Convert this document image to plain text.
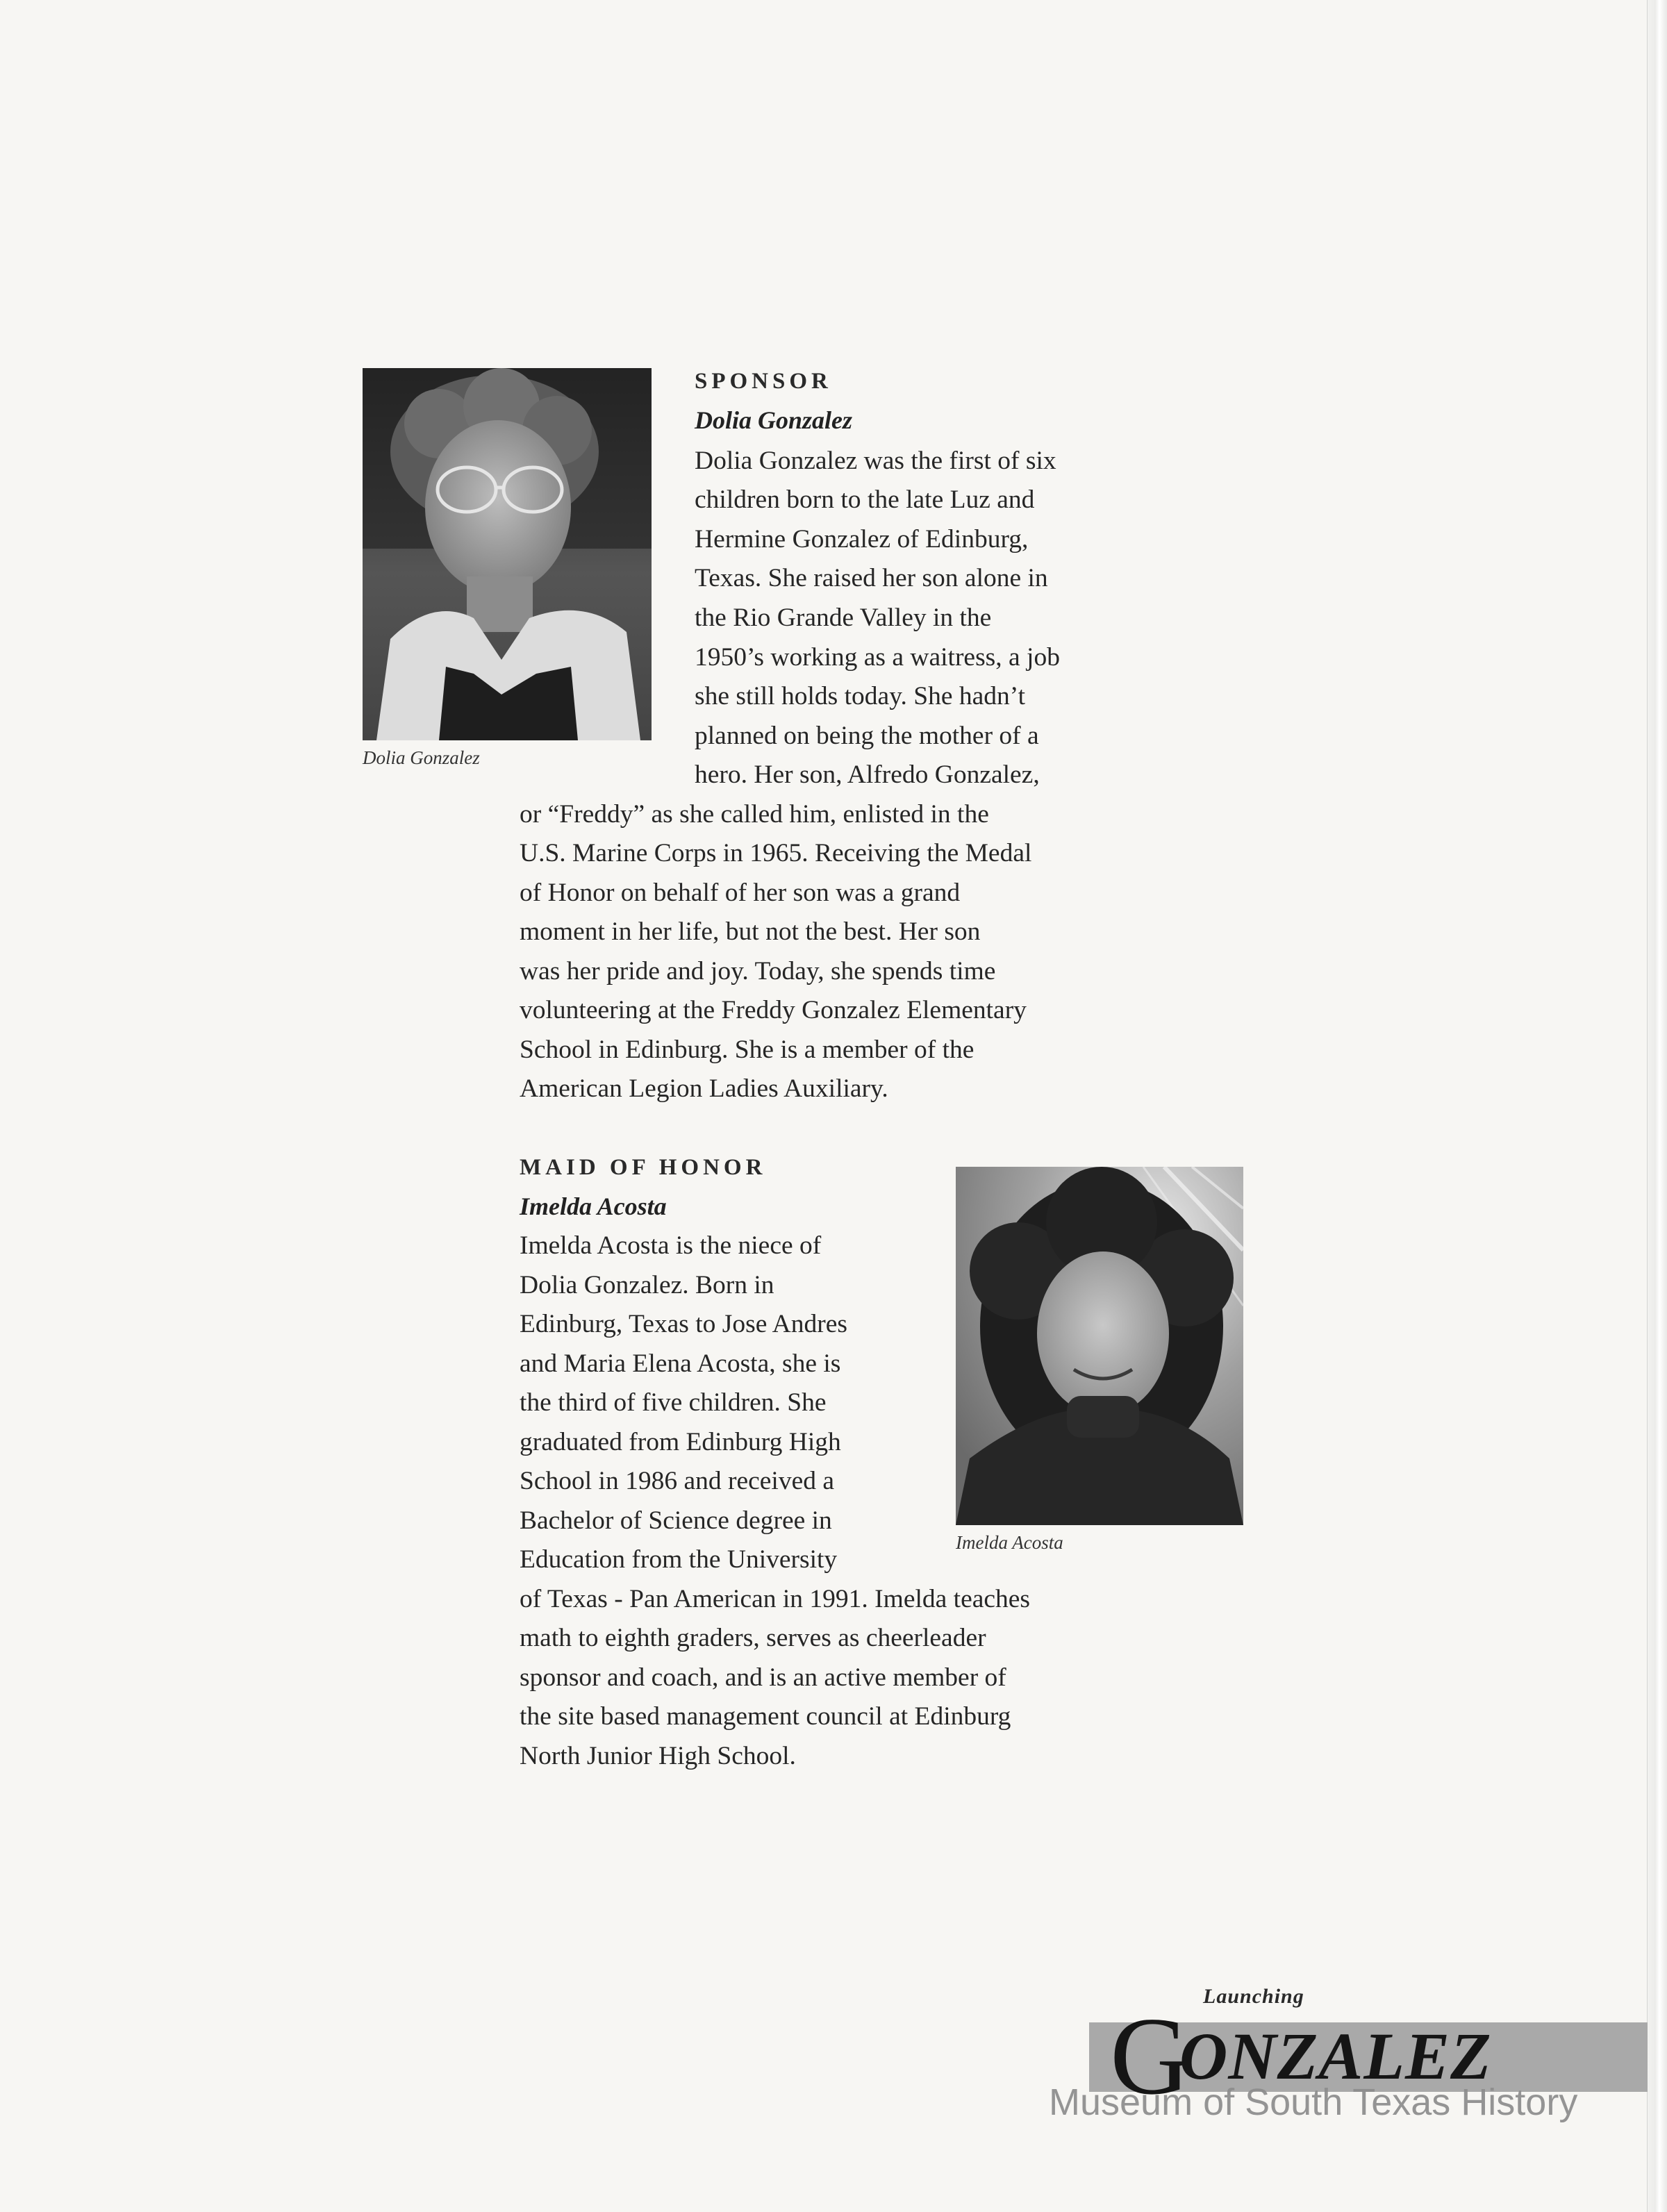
Dolia Gonzalez
SPONSOR
Dolia Gonzalez

Dolia Gonzalez was the first of six

children born to the late Luz and

Hermine Gonzalez of Edinburg,

Texas. She raised her son alone in

the Rio Grande Valley in the

1950’s working as a waitress, a job

she still holds today. She hadn’t

planned on being the mother of a

hero. Her son, Alfredo Gonzalez,

or “Freddy” as she called him, enlisted in the

U.S. Marine Corps in 1965. Receiving the Medal

of Honor on behalf of her son was a grand

moment in her life, but not the best. Her son

was her pride and joy. Today, she spends time

volunteering at the Freddy Gonzalez Elementary

School in Edinburg. She is a member of the

American Legion Ladies Auxiliary.

MAID OF HONOR
Imelda Acosta

Imelda Acosta is the niece of

Dolia Gonzalez. Born in

Edinburg, Texas to Jose Andres

and Maria Elena Acosta, she is

the third of five children. She

graduated from Edinburg High

School in 1986 and received a

Bachelor of Science degree in

Education from the University

of Texas - Pan American in 1991. Imelda teaches

math to eighth graders, serves as cheerleader

sponsor and coach, and is an active member of

the site based management council at Edinburg

North Junior High School.

Imelda Acosta
Launching
G
ONZALEZ
Museum of South Texas History
